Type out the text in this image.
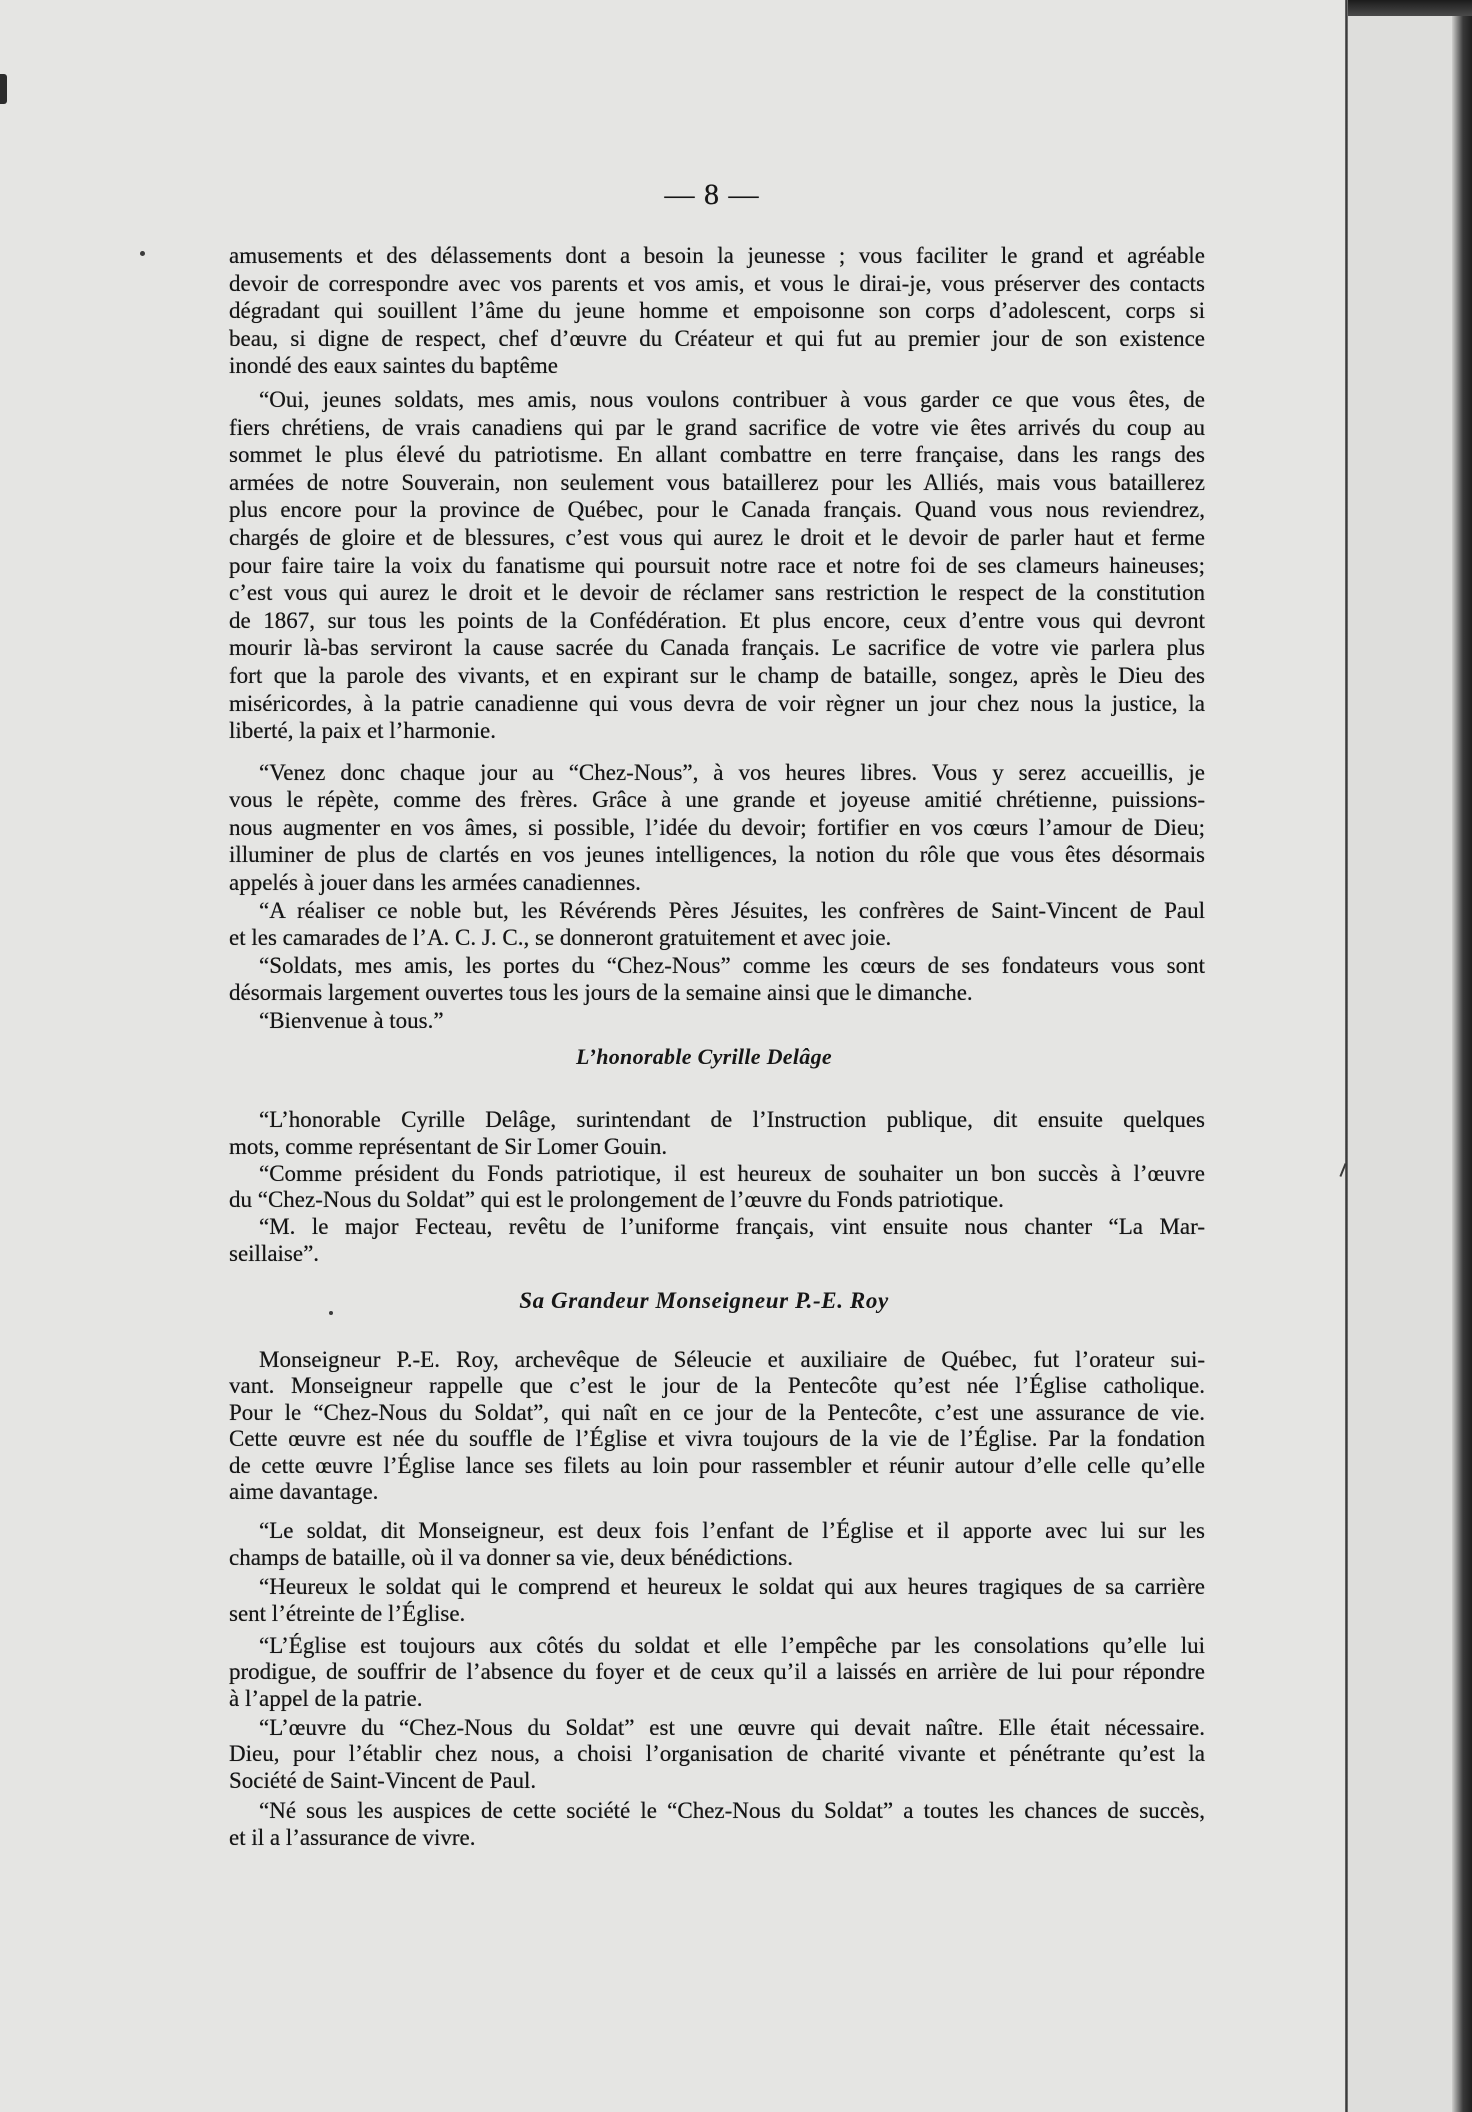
— 8 —
amusements et des délassements dont a besoin la jeunesse ; vous faciliter le grand et agréable
devoir de correspondre avec vos parents et vos amis, et vous le dirai-je, vous préserver des contacts
dégradant qui souillent l’âme du jeune homme et empoisonne son corps d’adolescent, corps si
beau, si digne de respect, chef d’œuvre du Créateur et qui fut au premier jour de son existence
inondé des eaux saintes du baptême
“Oui, jeunes soldats, mes amis, nous voulons contribuer à vous garder ce que vous êtes, de
fiers chrétiens, de vrais canadiens qui par le grand sacrifice de votre vie êtes arrivés du coup au
sommet le plus élevé du patriotisme. En allant combattre en terre française, dans les rangs des
armées de notre Souverain, non seulement vous bataillerez pour les Alliés, mais vous bataillerez
plus encore pour la province de Québec, pour le Canada français. Quand vous nous reviendrez,
chargés de gloire et de blessures, c’est vous qui aurez le droit et le devoir de parler haut et ferme
pour faire taire la voix du fanatisme qui poursuit notre race et notre foi de ses clameurs haineuses;
c’est vous qui aurez le droit et le devoir de réclamer sans restriction le respect de la constitution
de 1867, sur tous les points de la Confédération. Et plus encore, ceux d’entre vous qui devront
mourir là-bas serviront la cause sacrée du Canada français. Le sacrifice de votre vie parlera plus
fort que la parole des vivants, et en expirant sur le champ de bataille, songez, après le Dieu des
miséricordes, à la patrie canadienne qui vous devra de voir règner un jour chez nous la justice, la
liberté, la paix et l’harmonie.
“Venez donc chaque jour au “Chez-Nous”, à vos heures libres. Vous y serez accueillis, je
vous le répète, comme des frères. Grâce à une grande et joyeuse amitié chrétienne, puissions-
nous augmenter en vos âmes, si possible, l’idée du devoir; fortifier en vos cœurs l’amour de Dieu;
illuminer de plus de clartés en vos jeunes intelligences, la notion du rôle que vous êtes désormais
appelés à jouer dans les armées canadiennes.
“A réaliser ce noble but, les Révérends Pères Jésuites, les confrères de Saint-Vincent de Paul
et les camarades de l’A. C. J. C., se donneront gratuitement et avec joie.
“Soldats, mes amis, les portes du “Chez-Nous” comme les cœurs de ses fondateurs vous sont
désormais largement ouvertes tous les jours de la semaine ainsi que le dimanche.
“Bienvenue à tous.”
L’honorable Cyrille Delâge
“L’honorable Cyrille Delâge, surintendant de l’Instruction publique, dit ensuite quelques
mots, comme représentant de Sir Lomer Gouin.
“Comme président du Fonds patriotique, il est heureux de souhaiter un bon succès à l’œuvre
du “Chez-Nous du Soldat” qui est le prolongement de l’œuvre du Fonds patriotique.
“M. le major Fecteau, revêtu de l’uniforme français, vint ensuite nous chanter “La Mar-
seillaise”.
Sa Grandeur Monseigneur P.-E. Roy
Monseigneur P.-E. Roy, archevêque de Séleucie et auxiliaire de Québec, fut l’orateur sui-
vant. Monseigneur rappelle que c’est le jour de la Pentecôte qu’est née l’Église catholique.
Pour le “Chez-Nous du Soldat”, qui naît en ce jour de la Pentecôte, c’est une assurance de vie.
Cette œuvre est née du souffle de l’Église et vivra toujours de la vie de l’Église. Par la fondation
de cette œuvre l’Église lance ses filets au loin pour rassembler et réunir autour d’elle celle qu’elle
aime davantage.
“Le soldat, dit Monseigneur, est deux fois l’enfant de l’Église et il apporte avec lui sur les
champs de bataille, où il va donner sa vie, deux bénédictions.
“Heureux le soldat qui le comprend et heureux le soldat qui aux heures tragiques de sa carrière
sent l’étreinte de l’Église.
“L’Église est toujours aux côtés du soldat et elle l’empêche par les consolations qu’elle lui
prodigue, de souffrir de l’absence du foyer et de ceux qu’il a laissés en arrière de lui pour répondre
à l’appel de la patrie.
“L’œuvre du “Chez-Nous du Soldat” est une œuvre qui devait naître. Elle était nécessaire.
Dieu, pour l’établir chez nous, a choisi l’organisation de charité vivante et pénétrante qu’est la
Société de Saint-Vincent de Paul.
“Né sous les auspices de cette société le “Chez-Nous du Soldat” a toutes les chances de succès,
et il a l’assurance de vivre.
